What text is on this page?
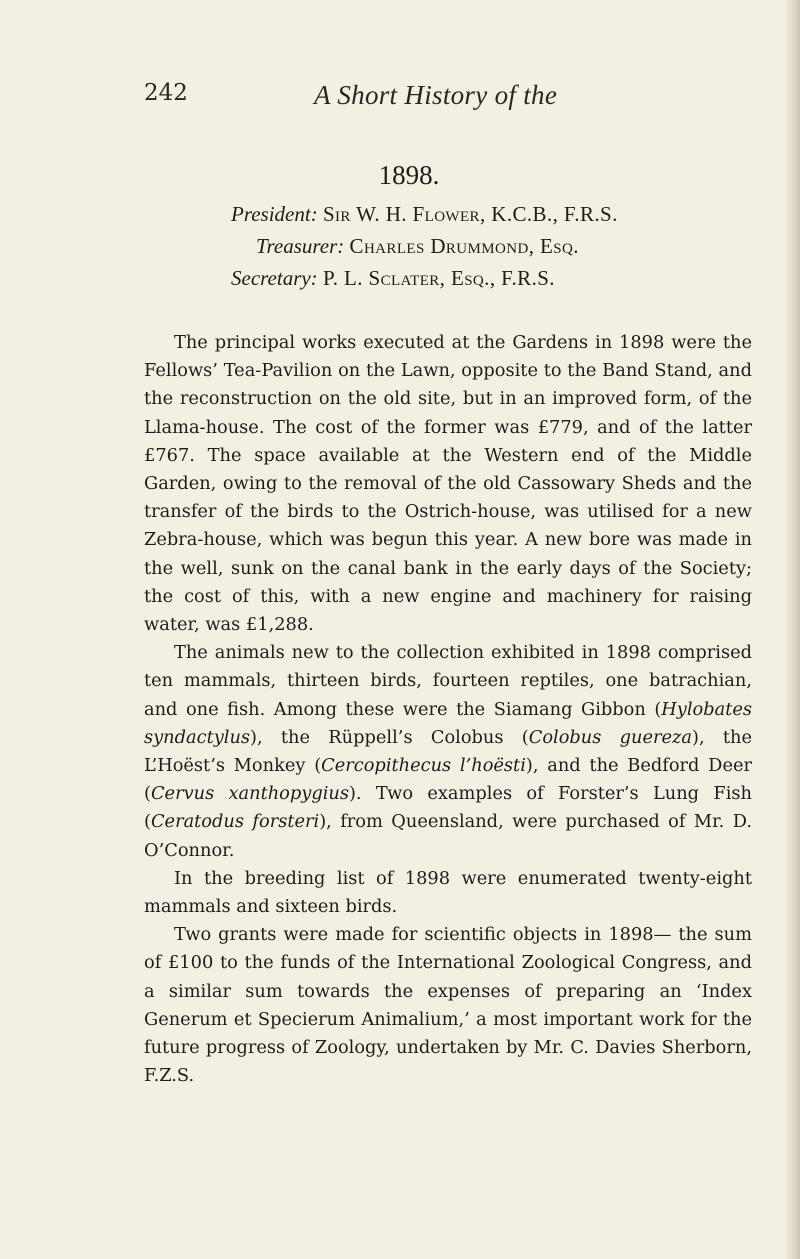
242	A Short History of the
1898.
President: Sir W. H. Flower, K.C.B., F.R.S.
Treasurer: Charles Drummond, Esq.
Secretary: P. L. Sclater, Esq., F.R.S.

The principal works executed at the Gardens in 1898 were the Fellows’ Tea-Pavilion on the Lawn, opposite to the Band Stand, and the reconstruction on the old site, but in an improved form, of the Llama-house. The cost of the former was £779, and of the latter £767. The space available at the Western end of the Middle Garden, owing to the removal of the old Cassowary Sheds and the transfer of the birds to the Ostrich-house, was utilised for a new Zebra-house, which was begun this year. A new bore was made in the well, sunk on the canal bank in the early days of the Society; the cost of this, with a new engine and machinery for raising water, was £1,288.

The animals new to the collection exhibited in 1898 comprised ten mammals, thirteen birds, fourteen reptiles, one batrachian, and one fish. Among these were the Siamang Gibbon (Hylobates syndactylus), the Rüppell’s Colobus (Colobus guereza), the L’Hoëst’s Monkey (Cercopithecus l’hoësti), and the Bedford Deer (Cervus xanthopygius). Two examples of Forster’s Lung Fish (Ceratodus forsteri), from Queensland, were purchased of Mr. D. O’Connor.

In the breeding list of 1898 were enumerated twenty-eight mammals and sixteen birds.

Two grants were made for scientific objects in 1898— the sum of £100 to the funds of the International Zoological Congress, and a similar sum towards the expenses of preparing an ‘Index Generum et Specierum Animalium,’ a most important work for the future progress of Zoology, undertaken by Mr. C. Davies Sherborn, F.Z.S.
